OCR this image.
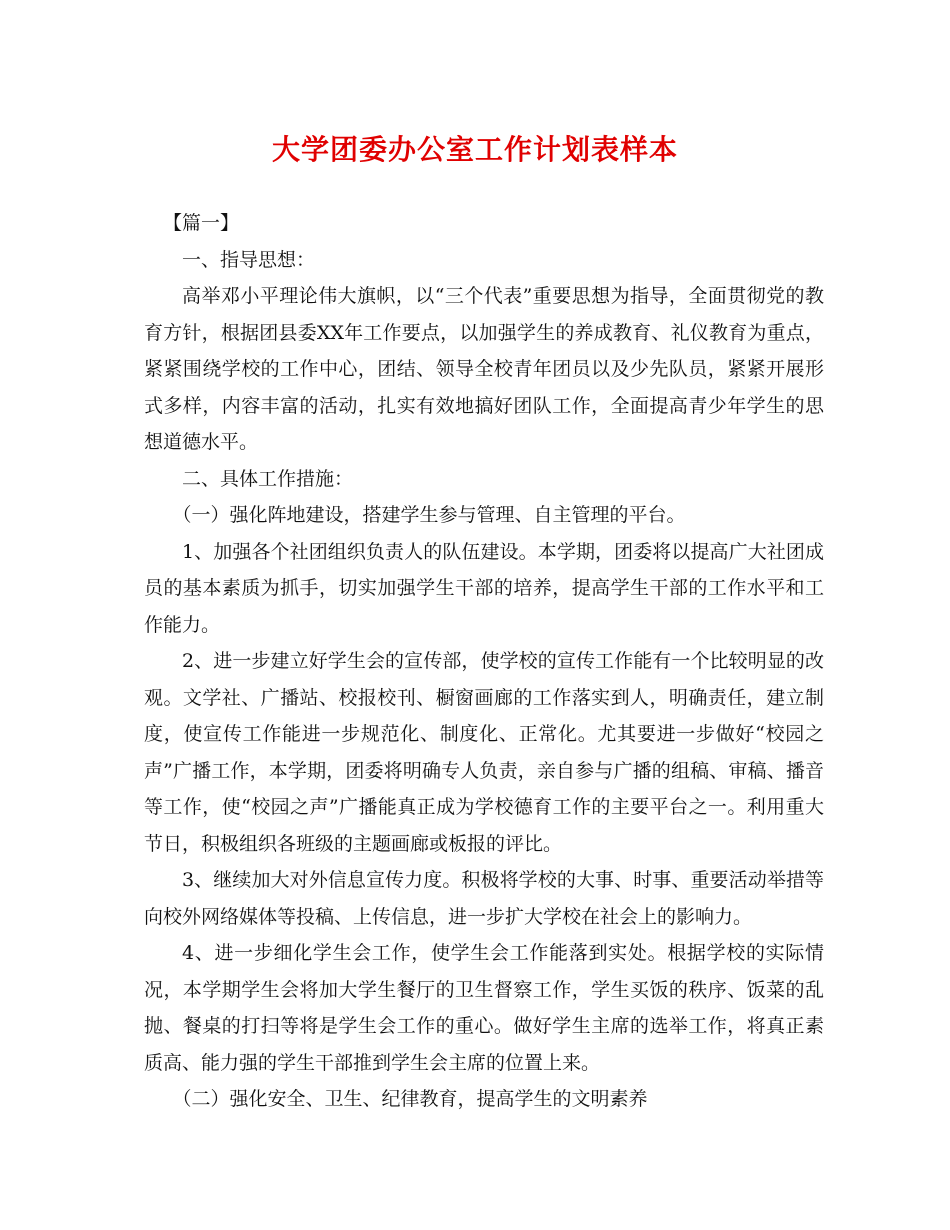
大学团委办公室工作计划表样本

【篇一】

一、指导思想：

高举邓小平理论伟大旗帜，以“三个代表”重要思想为指导，全面贯彻党的教育方针，根据团县委XX年工作要点，以加强学生的养成教育、礼仪教育为重点，紧紧围绕学校的工作中心，团结、领导全校青年团员以及少先队员，紧紧开展形式多样，内容丰富的活动，扎实有效地搞好团队工作，全面提高青少年学生的思想道德水平。

二、具体工作措施：

（一）强化阵地建设，搭建学生参与管理、自主管理的平台。

1、加强各个社团组织负责人的队伍建设。本学期，团委将以提高广大社团成员的基本素质为抓手，切实加强学生干部的培养，提高学生干部的工作水平和工作能力。

2、进一步建立好学生会的宣传部，使学校的宣传工作能有一个比较明显的改观。文学社、广播站、校报校刊、橱窗画廊的工作落实到人，明确责任，建立制度，使宣传工作能进一步规范化、制度化、正常化。尤其要进一步做好“校园之声”广播工作，本学期，团委将明确专人负责，亲自参与广播的组稿、审稿、播音等工作，使“校园之声”广播能真正成为学校德育工作的主要平台之一。利用重大节日，积极组织各班级的主题画廊或板报的评比。

3、继续加大对外信息宣传力度。积极将学校的大事、时事、重要活动举措等向校外网络媒体等投稿、上传信息，进一步扩大学校在社会上的影响力。

4、进一步细化学生会工作，使学生会工作能落到实处。根据学校的实际情况，本学期学生会将加大学生餐厅的卫生督察工作，学生买饭的秩序、饭菜的乱抛、餐桌的打扫等将是学生会工作的重心。做好学生主席的选举工作，将真正素质高、能力强的学生干部推到学生会主席的位置上来。

（二）强化安全、卫生、纪律教育，提高学生的文明素养
